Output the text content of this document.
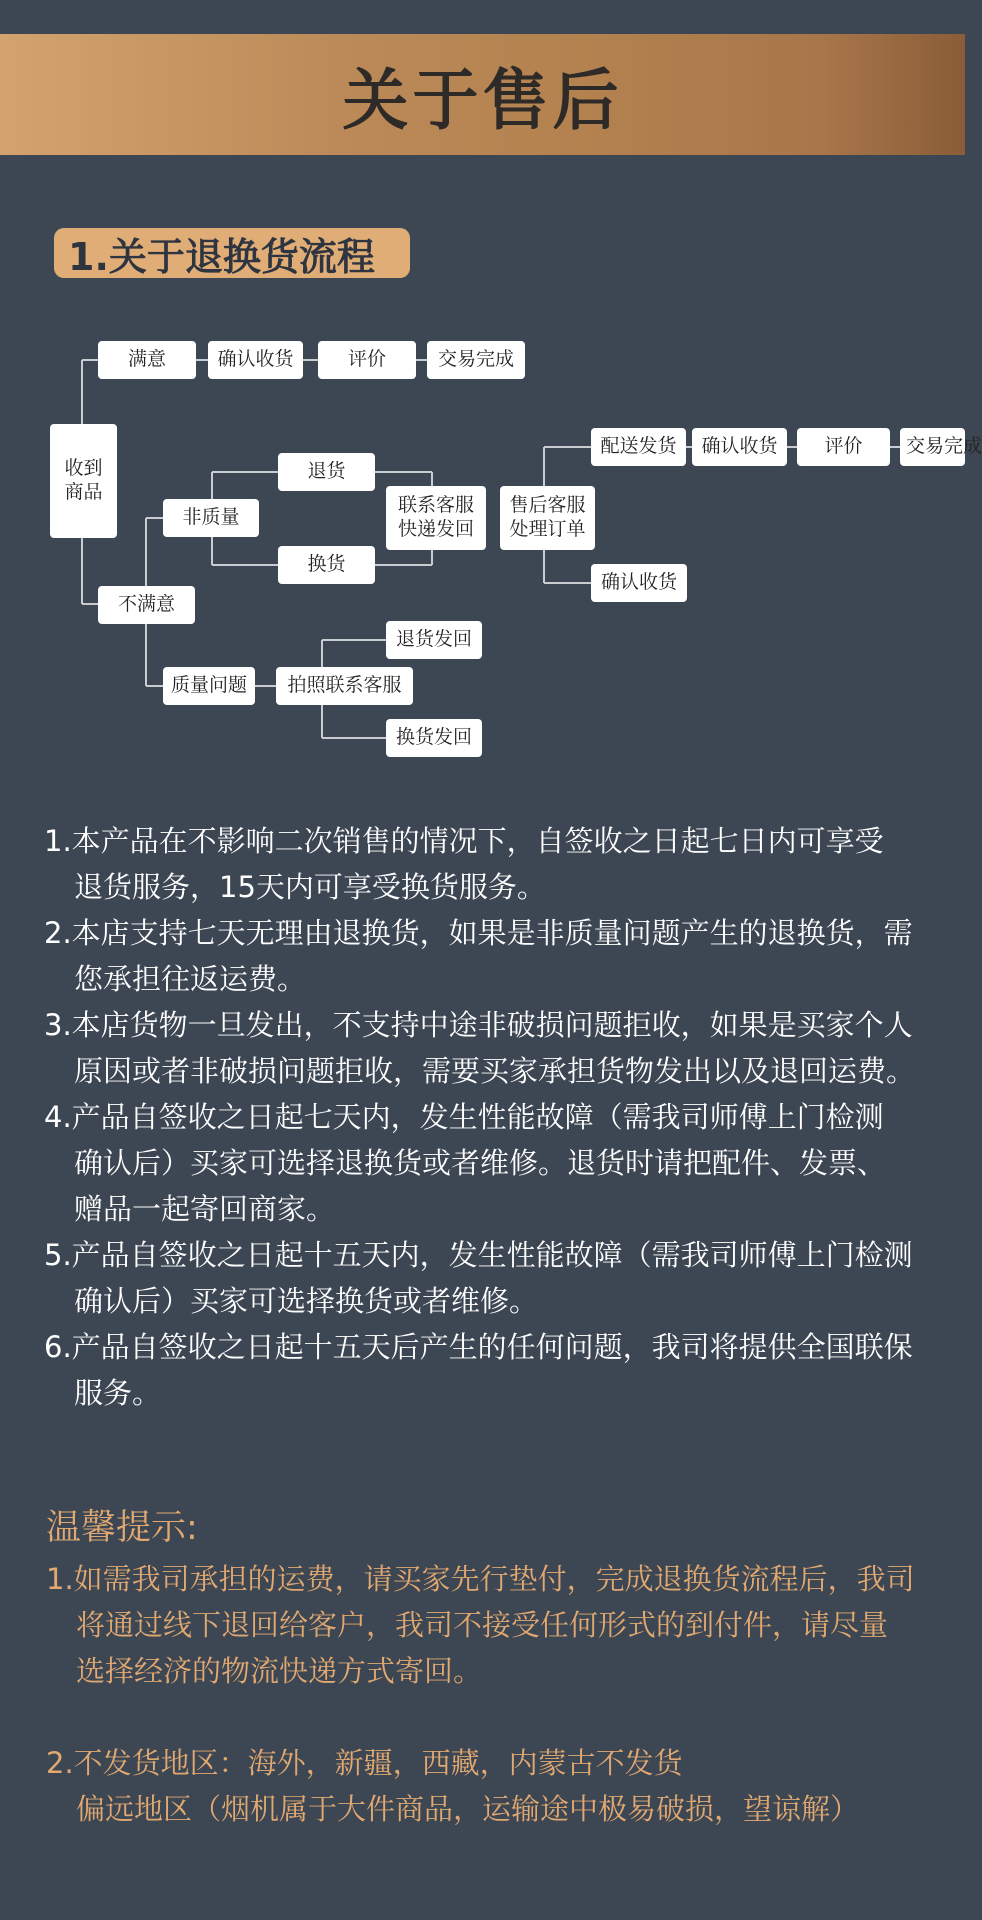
关于售后
1.关于退换货流程
满意	确认收货	评价	交易完成
收到商品
非质量
退货
换货
联系客服快递发回
售后客服处理订单
配送发货	确认收货	评价	交易完成
确认收货
不满意
质量问题	拍照联系客服
退货发回
换货发回

1.本产品在不影响二次销售的情况下，自签收之日起七日内可享受

退货服务，15天内可享受换货服务。

2.本店支持七天无理由退换货，如果是非质量问题产生的退换货，需

您承担往返运费。

3.本店货物一旦发出，不支持中途非破损问题拒收，如果是买家个人

原因或者非破损问题拒收，需要买家承担货物发出以及退回运费。

4.产品自签收之日起七天内，发生性能故障（需我司师傅上门检测

确认后）买家可选择退换货或者维修。退货时请把配件、发票、

赠品一起寄回商家。

5.产品自签收之日起十五天内，发生性能故障（需我司师傅上门检测

确认后）买家可选择换货或者维修。

6.产品自签收之日起十五天后产生的任何问题，我司将提供全国联保

服务。

温馨提示:

1.如需我司承担的运费，请买家先行垫付，完成退换货流程后，我司

将通过线下退回给客户，我司不接受任何形式的到付件，请尽量

选择经济的物流快递方式寄回。

2.不发货地区：海外，新疆，西藏，内蒙古不发货

偏远地区（烟机属于大件商品，运输途中极易破损，望谅解）
